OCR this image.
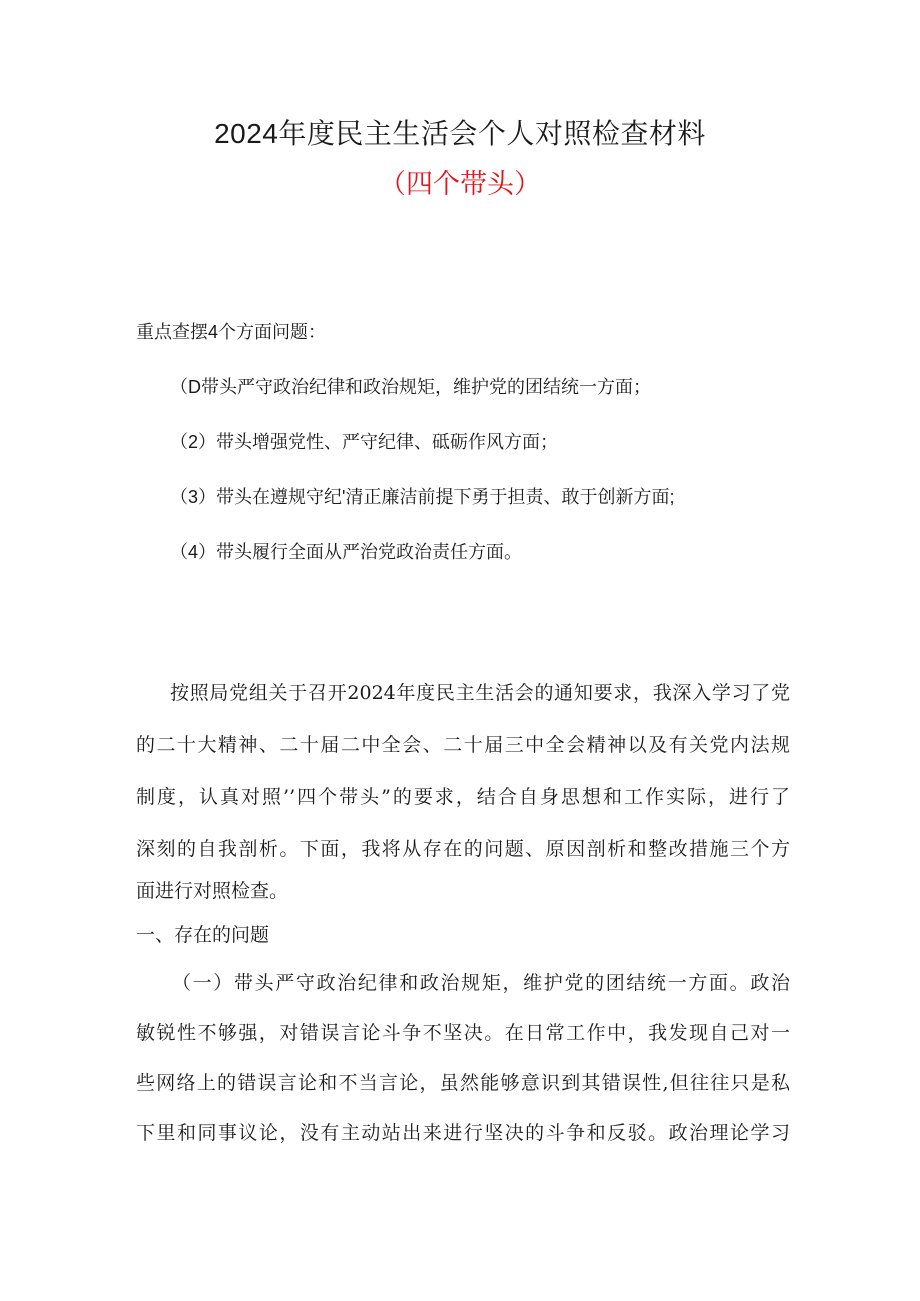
2024年度民主生活会个人对照检查材料
（四个带头）
重点查摆4个方面问题：
（D带头严守政治纪律和政治规矩，维护党的团结统一方面；
（2）带头增强党性、严守纪律、砥砺作风方面；
（3）带头在遵规守纪'清正廉洁前提下勇于担责、敢于创新方面;
（4）带头履行全面从严治党政治责任方面。
按照局党组关于召开2024年度民主生活会的通知要求，我深入学习了党
的二十大精神、二十届二中全会、二十届三中全会精神以及有关党内法规
制度，认真对照’’四个带头”的要求，结合自身思想和工作实际，进行了
深刻的自我剖析。下面，我将从存在的问题、原因剖析和整改措施三个方
面进行对照检查。
一、存在的问题
（一）带头严守政治纪律和政治规矩，维护党的团结统一方面。政治
敏锐性不够强，对错误言论斗争不坚决。在日常工作中，我发现自己对一
些网络上的错误言论和不当言论，虽然能够意识到其错误性,但往往只是私
下里和同事议论，没有主动站出来进行坚决的斗争和反驳。政治理论学习
